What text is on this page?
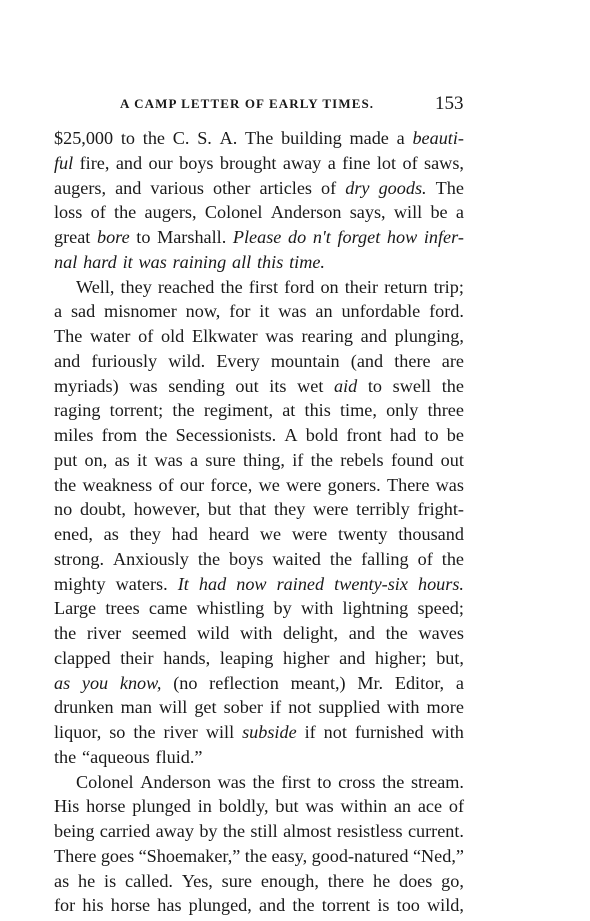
A CAMP LETTER OF EARLY TIMES.	153
$25,000 to the C. S. A. The building made a beauti-
ful fire, and our boys brought away a fine lot of saws,
augers, and various other articles of dry goods. The
loss of the augers, Colonel Anderson says, will be a
great bore to Marshall. Please do n't forget how infer-
nal hard it was raining all this time.
Well, they reached the first ford on their return trip;
a sad misnomer now, for it was an unfordable ford.
The water of old Elkwater was rearing and plunging,
and furiously wild. Every mountain (and there are
myriads) was sending out its wet aid to swell the
raging torrent; the regiment, at this time, only three
miles from the Secessionists. A bold front had to be
put on, as it was a sure thing, if the rebels found out
the weakness of our force, we were goners. There was
no doubt, however, but that they were terribly fright-
ened, as they had heard we were twenty thousand
strong. Anxiously the boys waited the falling of the
mighty waters. It had now rained twenty-six hours.
Large trees came whistling by with lightning speed;
the river seemed wild with delight, and the waves
clapped their hands, leaping higher and higher; but,
as you know, (no reflection meant,) Mr. Editor, a
drunken man will get sober if not supplied with more
liquor, so the river will subside if not furnished with
the “aqueous fluid.”
Colonel Anderson was the first to cross the stream.
His horse plunged in boldly, but was within an ace of
being carried away by the still almost resistless current.
There goes “Shoemaker,” the easy, good-natured “Ned,”
as he is called. Yes, sure enough, there he does go,
for his horse has plunged, and the torrent is too wild,
